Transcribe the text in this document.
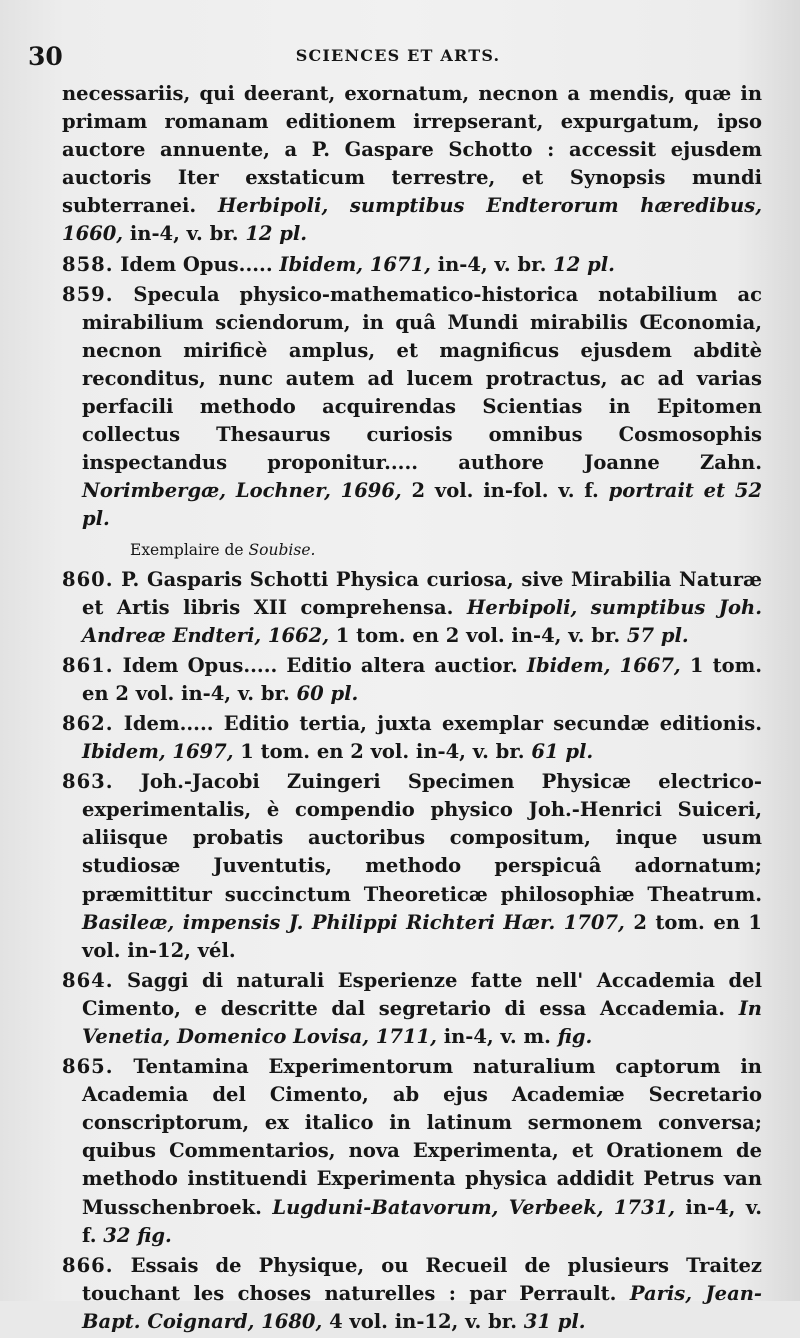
30	SCIENCES ET ARTS.

necessariis, qui deerant, exornatum, necnon a mendis, quæ in primam romanam editionem irrepserant, expurgatum, ipso auctore annuente, a P. Gaspare Schotto : accessit ejusdem auctoris Iter exstaticum terrestre, et Synopsis mundi subterranei. Herbipoli, sumptibus Endterorum hæredibus, 1660, in-4, v. br. 12 pl.

858. Idem Opus..... Ibidem, 1671, in-4, v. br. 12 pl.

859. Specula physico-mathematico-historica notabilium ac mirabilium sciendorum, in quâ Mundi mirabilis Œconomia, necnon mirificè amplus, et magnificus ejusdem abditè reconditus, nunc autem ad lucem protractus, ac ad varias perfacili methodo acquirendas Scientias in Epitomen collectus Thesaurus curiosis omnibus Cosmosophis inspectandus proponitur..... authore Joanne Zahn. Norimbergæ, Lochner, 1696, 2 vol. in-fol. v. f. portrait et 52 pl.

Exemplaire de Soubise.

860. P. Gasparis Schotti Physica curiosa, sive Mirabilia Naturæ et Artis libris XII comprehensa. Herbipoli, sumptibus Joh. Andreæ Endteri, 1662, 1 tom. en 2 vol. in-4, v. br. 57 pl.

861. Idem Opus..... Editio altera auctior. Ibidem, 1667, 1 tom. en 2 vol. in-4, v. br. 60 pl.

862. Idem..... Editio tertia, juxta exemplar secundæ editionis. Ibidem, 1697, 1 tom. en 2 vol. in-4, v. br. 61 pl.

863. Joh.-Jacobi Zuingeri Specimen Physicæ electrico-experimentalis, è compendio physico Joh.-Henrici Suiceri, aliisque probatis auctoribus compositum, inque usum studiosæ Juventutis, methodo perspicuâ adornatum; præmittitur succinctum Theoreticæ philosophiæ Theatrum. Basileæ, impensis J. Philippi Richteri Hær. 1707, 2 tom. en 1 vol. in-12, vél.

864. Saggi di naturali Esperienze fatte nell' Accademia del Cimento, e descritte dal segretario di essa Accademia. In Venetia, Domenico Lovisa, 1711, in-4, v. m. fig.

865. Tentamina Experimentorum naturalium captorum in Academia del Cimento, ab ejus Academiæ Secretario conscriptorum, ex italico in latinum sermonem conversa; quibus Commentarios, nova Experimenta, et Orationem de methodo instituendi Experimenta physica addidit Petrus van Musschenbroek. Lugduni-Batavorum, Verbeek, 1731, in-4, v. f. 32 fig.

866. Essais de Physique, ou Recueil de plusieurs Traitez touchant les choses naturelles : par Perrault. Paris, Jean-Bapt. Coignard, 1680, 4 vol. in-12, v. br. 31 pl.
